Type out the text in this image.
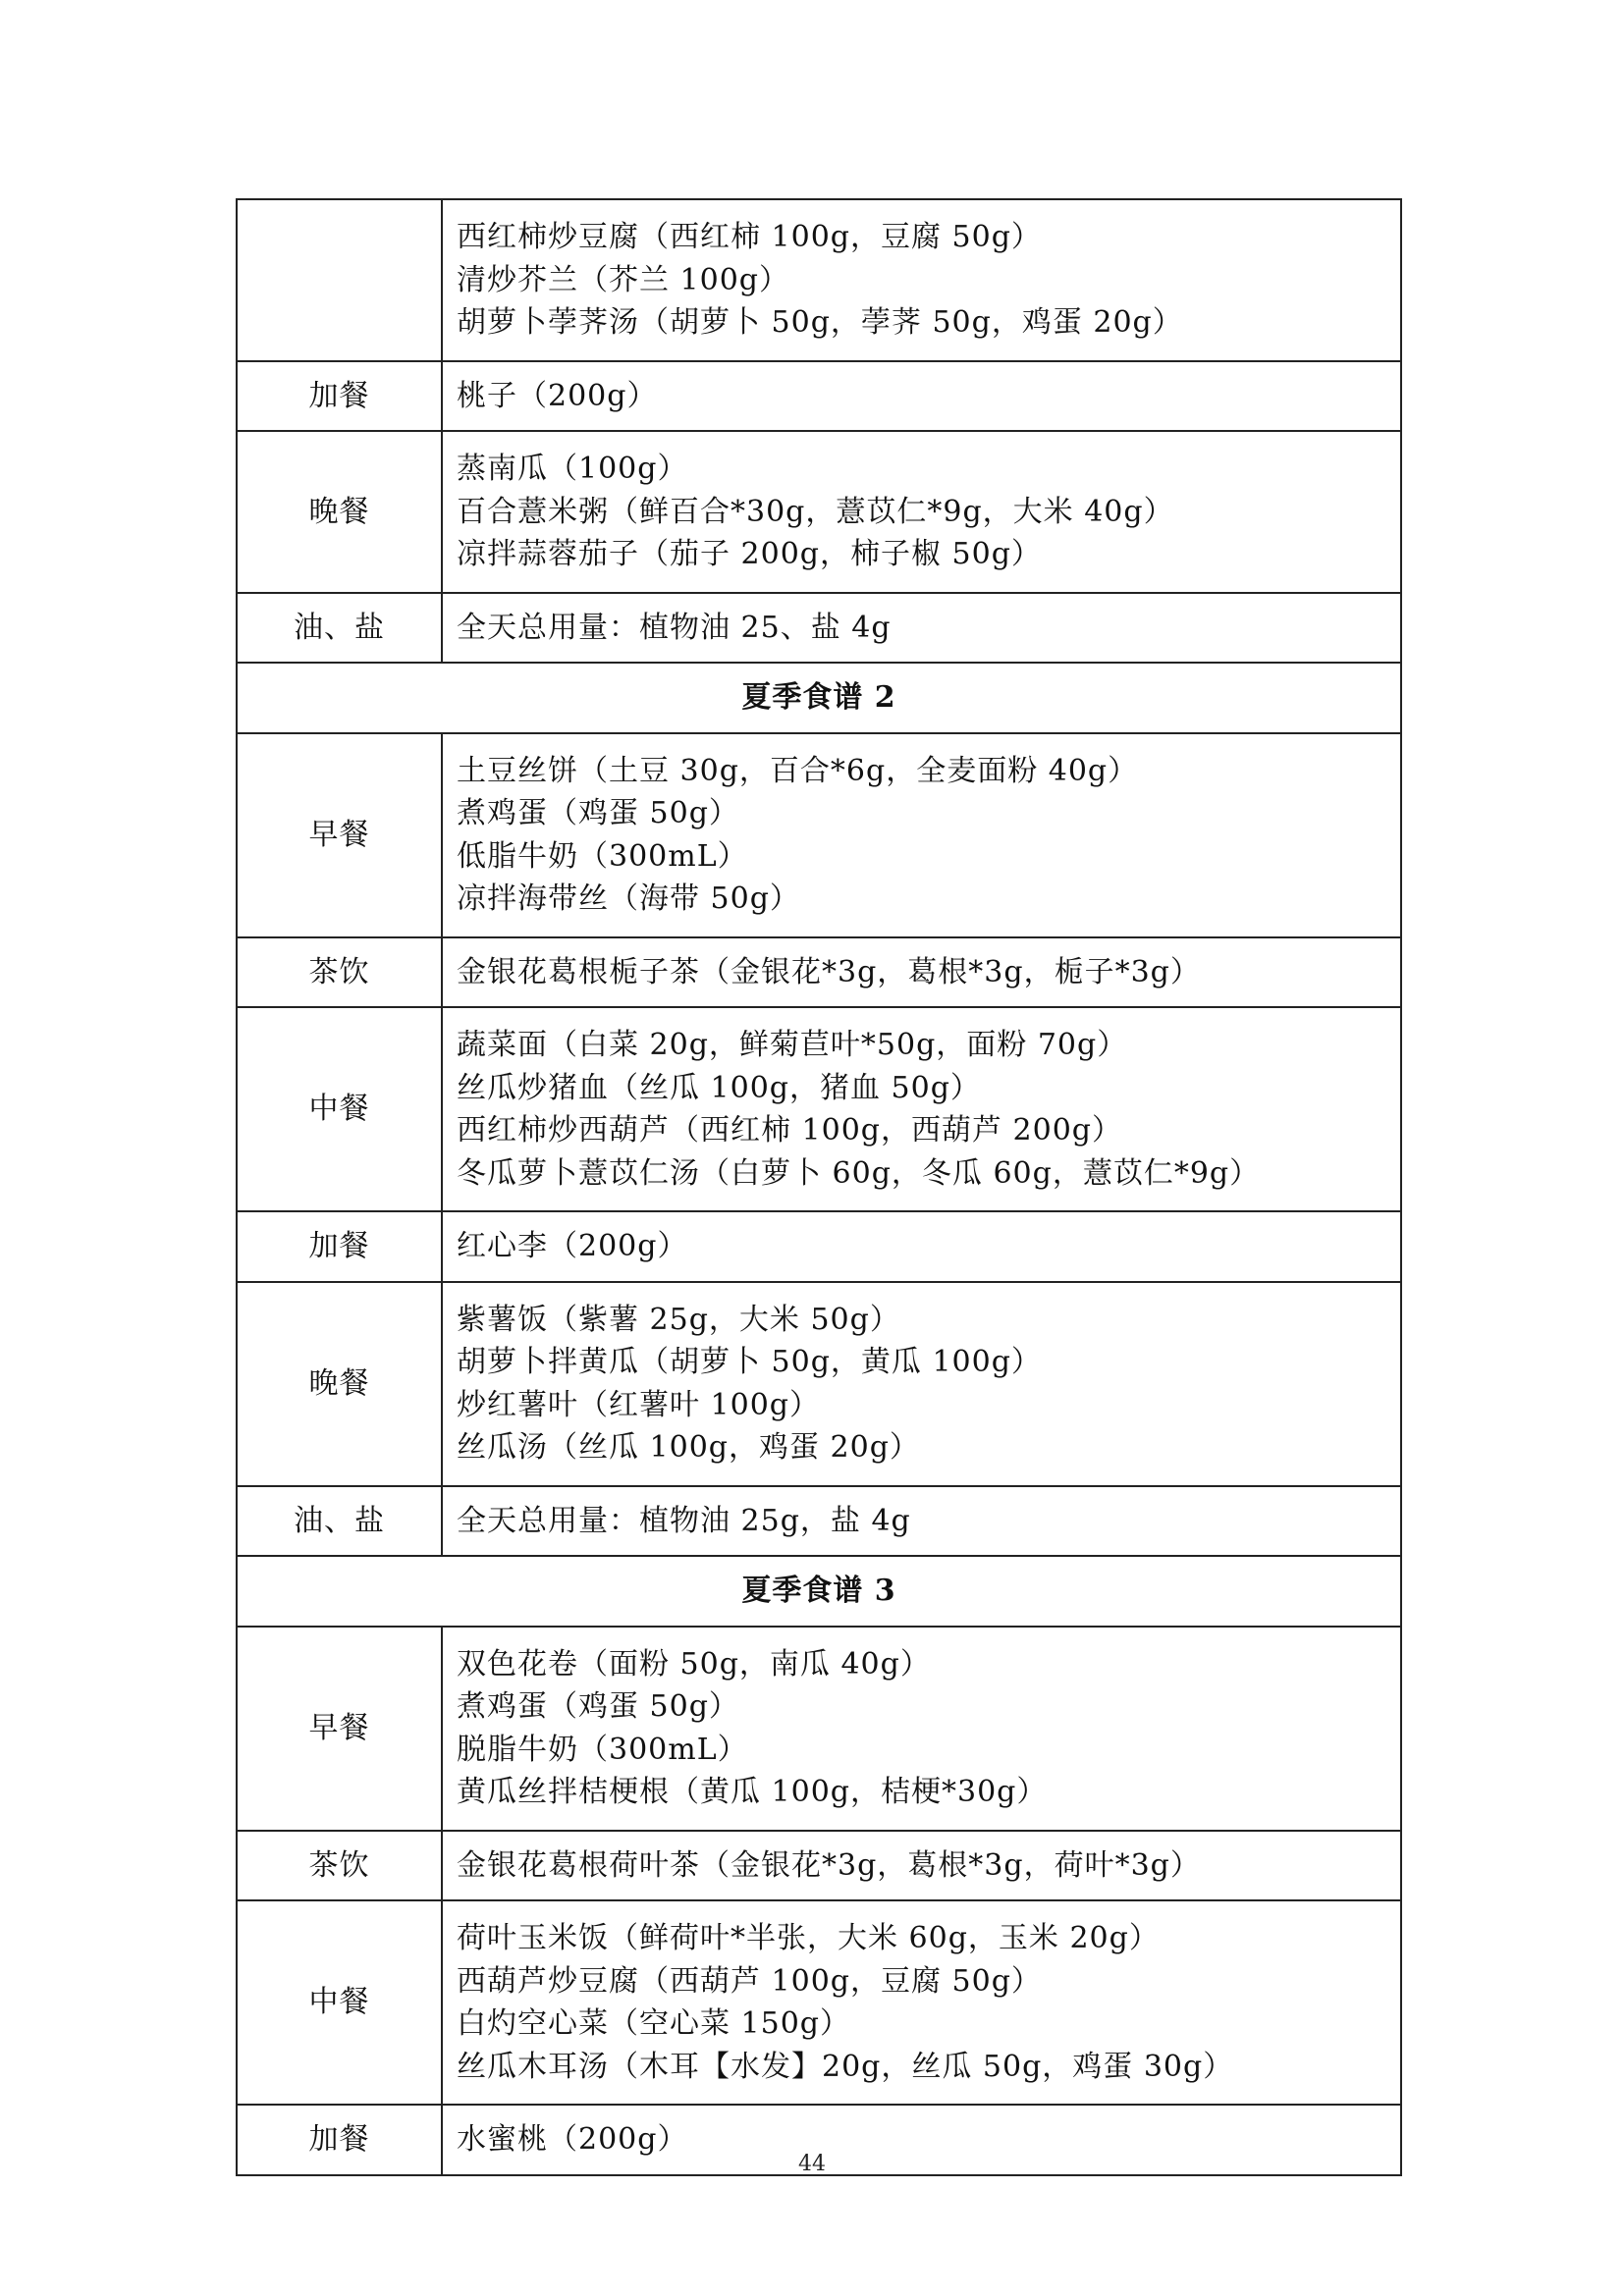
	西红柿炒豆腐（西红柿 100g，豆腐 50g）
清炒芥兰（芥兰 100g）
胡萝卜荸荠汤（胡萝卜 50g，荸荠 50g，鸡蛋 20g）

加餐	桃子（200g）

晚餐	蒸南瓜（100g）
百合薏米粥（鲜百合*30g，薏苡仁*9g，大米 40g）
凉拌蒜蓉茄子（茄子 200g，柿子椒 50g）

油、盐	全天总用量：植物油 25、盐 4g

夏季食谱 2	
早餐	土豆丝饼（土豆 30g，百合*6g，全麦面粉 40g）
煮鸡蛋（鸡蛋 50g）
低脂牛奶（300mL）
凉拌海带丝（海带 50g）

茶饮	金银花葛根栀子茶（金银花*3g，葛根*3g，栀子*3g）

中餐	蔬菜面（白菜 20g，鲜菊苣叶*50g，面粉 70g）
丝瓜炒猪血（丝瓜 100g，猪血 50g）
西红柿炒西葫芦（西红柿 100g，西葫芦 200g）
冬瓜萝卜薏苡仁汤（白萝卜 60g，冬瓜 60g，薏苡仁*9g）

加餐	红心李（200g）

晚餐	紫薯饭（紫薯 25g，大米 50g）
胡萝卜拌黄瓜（胡萝卜 50g，黄瓜 100g）
炒红薯叶（红薯叶 100g）
丝瓜汤（丝瓜 100g，鸡蛋 20g）

油、盐	全天总用量：植物油 25g，盐 4g

夏季食谱 3	
早餐	双色花卷（面粉 50g，南瓜 40g）
煮鸡蛋（鸡蛋 50g）
脱脂牛奶（300mL）
黄瓜丝拌桔梗根（黄瓜 100g，桔梗*30g）

茶饮	金银花葛根荷叶茶（金银花*3g，葛根*3g，荷叶*3g）

中餐	荷叶玉米饭（鲜荷叶*半张，大米 60g，玉米 20g）
西葫芦炒豆腐（西葫芦 100g，豆腐 50g）
白灼空心菜（空心菜 150g）
丝瓜木耳汤（木耳【水发】20g，丝瓜 50g，鸡蛋 30g）

加餐	水蜜桃（200g）
44
